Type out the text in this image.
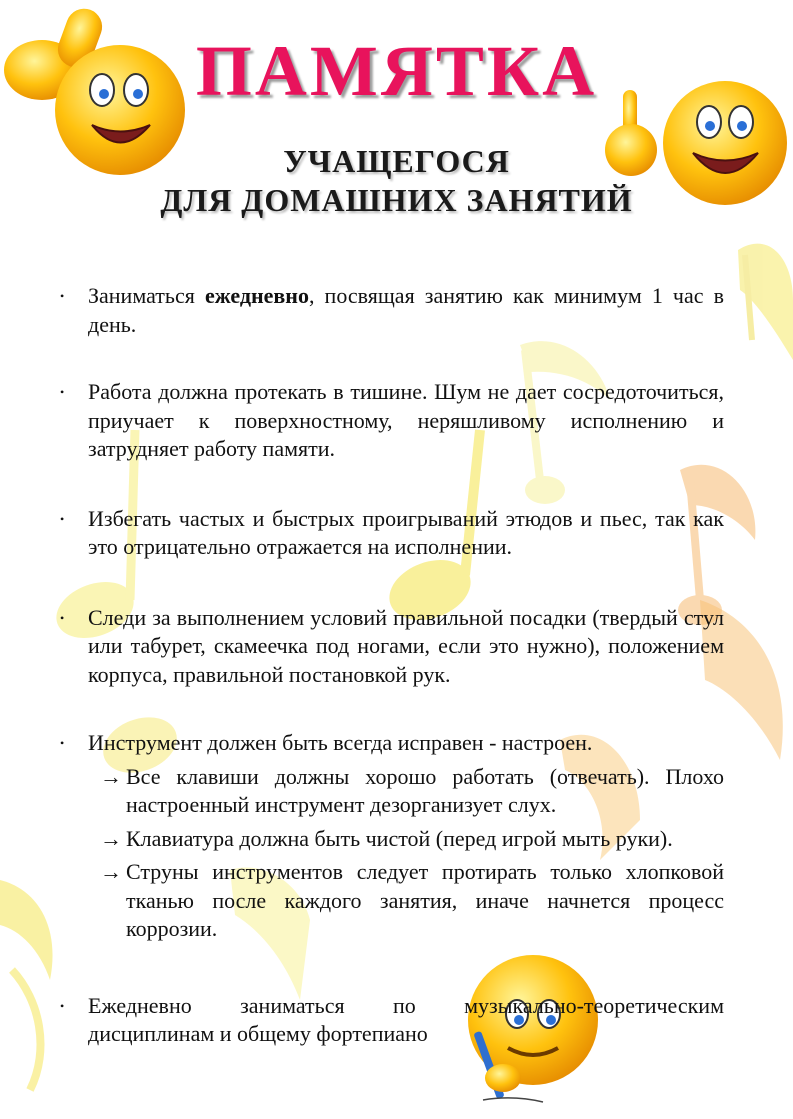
ПАМЯТКА
УЧАЩЕГОСЯ
ДЛЯ ДОМАШНИХ ЗАНЯТИЙ
• Заниматься ежедневно, посвящая занятию как минимум 1 час в день.
• Работа должна протекать в тишине. Шум не дает сосредоточиться, приучает к поверхностному, неряшливому исполнению и затрудняет работу памяти.
• Избегать частых и быстрых проигрываний этюдов и пьес, так как это отрицательно отражается на исполнении.
• Следи за выполнением условий правильной посадки (твердый стул или табурет, скамеечка под ногами, если это нужно), положением корпуса, правильной постановкой рук.
• Инструмент должен быть всегда исправен - настроен.
→ Все клавиши должны хорошо работать (отвечать). Плохо настроенный инструмент дезорганизует слух.
→ Клавиатура должна быть чистой (перед игрой мыть руки).
→ Струны инструментов следует протирать только хлопковой тканью после каждого занятия, иначе начнется процесс коррозии.
• Ежедневно заниматься по музыкально-теоретическим дисциплинам и общему фортепиано
